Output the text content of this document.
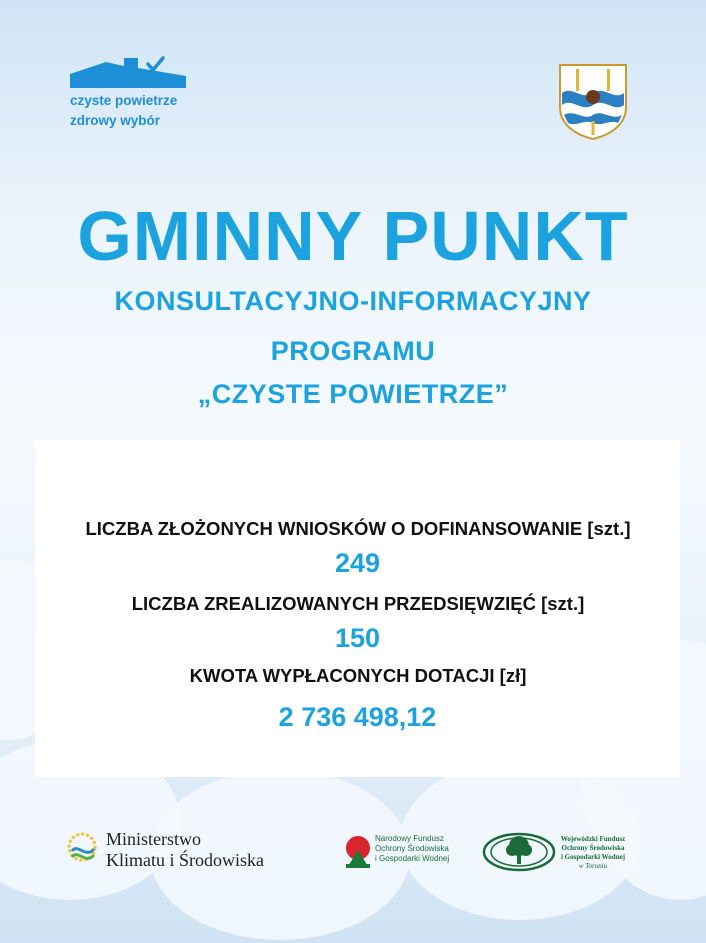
czyste powietrze
zdrowy wybór
GMINNY PUNKT
KONSULTACYJNO-INFORMACYJNY
PROGRAMU
„CZYSTE POWIETRZE”
LICZBA ZŁOŻONYCH WNIOSKÓW O DOFINANSOWANIE [szt.]
249
LICZBA ZREALIZOWANYCH PRZEDSIĘWZIĘĆ [szt.]
150
KWOTA WYPŁACONYCH DOTACJI [zł]
2 736 498,12
Ministerstwo
Klimatu i Środowiska
Narodowy Fundusz
Ochrony Środowiska
i Gospodarki Wodnej
Wojewódzki Fundusz
Ochrony Środowiska
i Gospodarki Wodnej
w Toruniu
